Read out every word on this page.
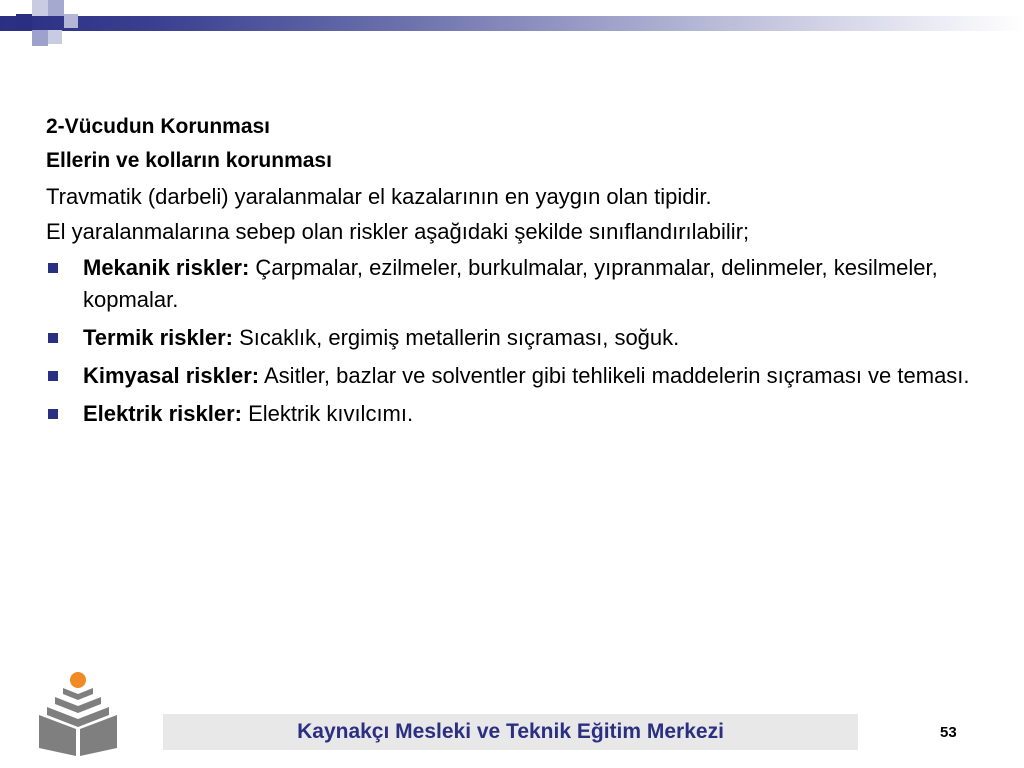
2-Vücudun Korunması

Ellerin ve kolların korunması

Travmatik (darbeli) yaralanmalar el kazalarının en yaygın olan tipidir.

El yaralanmalarına sebep olan riskler aşağıdaki şekilde sınıflandırılabilir;

Mekanik riskler: Çarpmalar, ezilmeler, burkulmalar, yıpranmalar, delinmeler, kesilmeler, kopmalar.
Termik riskler: Sıcaklık, ergimiş metallerin sıçraması, soğuk.
Kimyasal riskler: Asitler, bazlar ve solventler gibi tehlikeli maddelerin sıçraması ve teması.
Elektrik riskler: Elektrik kıvılcımı.
Kaynakçı Mesleki ve Teknik Eğitim Merkezi	53
